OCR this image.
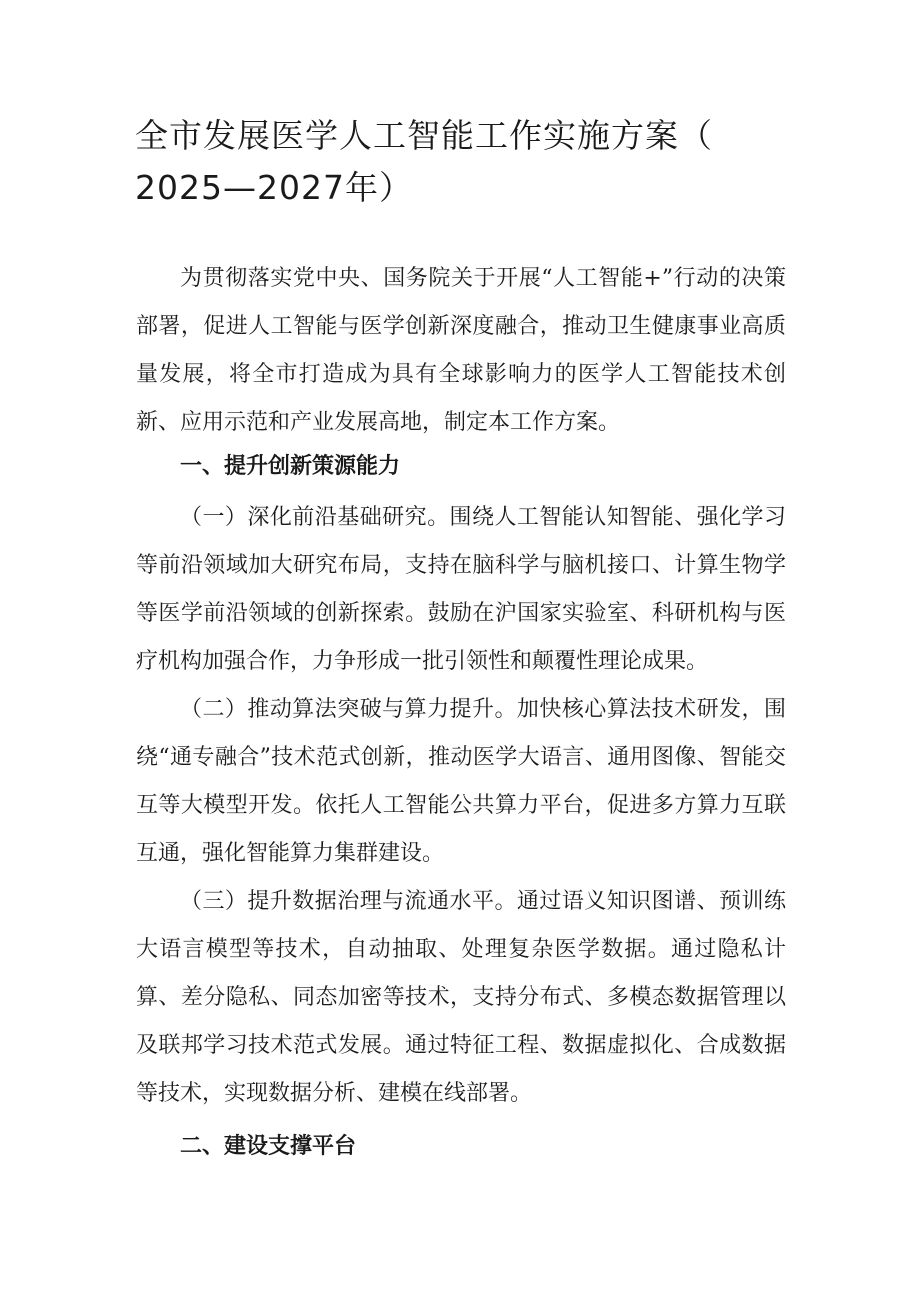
全市发展医学人工智能工作实施方案（
2025—2027年）

为贯彻落实党中央、国务院关于开展“人工智能+”行动的决策部署，促进人工智能与医学创新深度融合，推动卫生健康事业高质量发展，将全市打造成为具有全球影响力的医学人工智能技术创新、应用示范和产业发展高地，制定本工作方案。

一、提升创新策源能力

（一）深化前沿基础研究。围绕人工智能认知智能、强化学习等前沿领域加大研究布局，支持在脑科学与脑机接口、计算生物学等医学前沿领域的创新探索。鼓励在沪国家实验室、科研机构与医疗机构加强合作，力争形成一批引领性和颠覆性理论成果。

（二）推动算法突破与算力提升。加快核心算法技术研发，围绕“通专融合”技术范式创新，推动医学大语言、通用图像、智能交互等大模型开发。依托人工智能公共算力平台，促进多方算力互联互通，强化智能算力集群建设。

（三）提升数据治理与流通水平。通过语义知识图谱、预训练大语言模型等技术，自动抽取、处理复杂医学数据。通过隐私计算、差分隐私、同态加密等技术，支持分布式、多模态数据管理以及联邦学习技术范式发展。通过特征工程、数据虚拟化、合成数据等技术，实现数据分析、建模在线部署。

二、建设支撑平台
